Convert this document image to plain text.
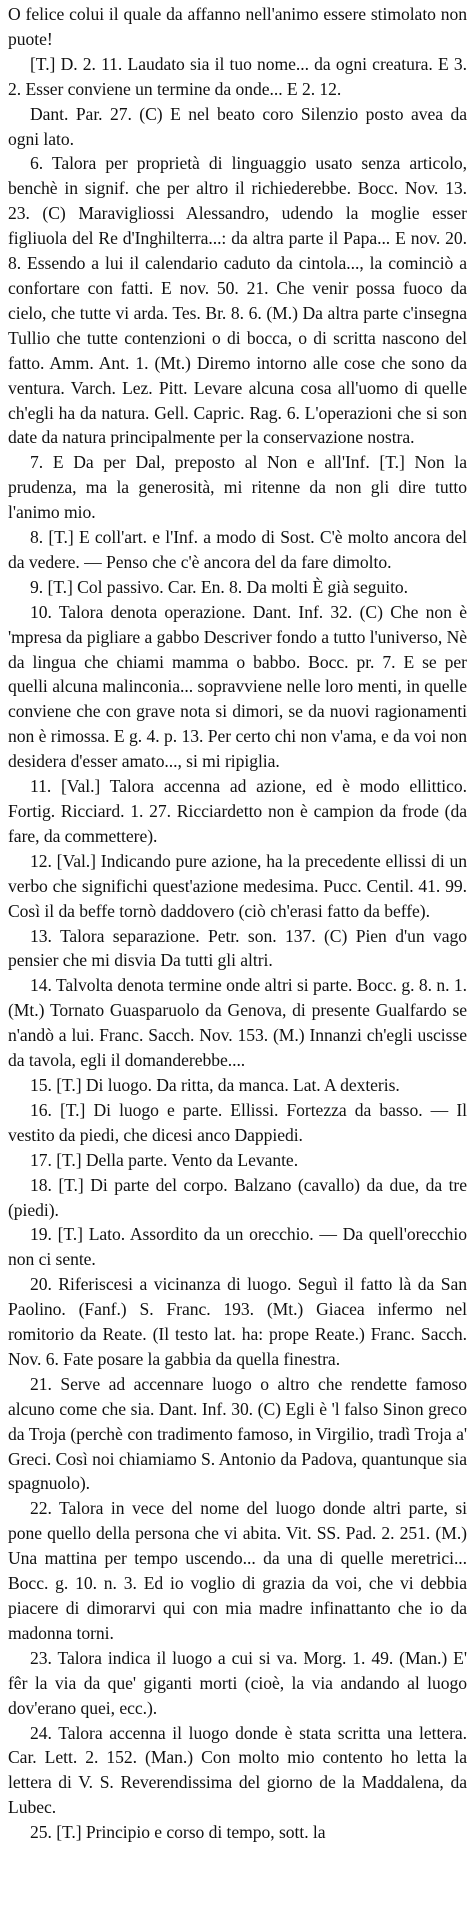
O felice colui il quale da affanno nell'animo essere stimolato non puote!

[T.] D. 2. 11. Laudato sia il tuo nome... da ogni creatura. E 3. 2. Esser conviene un termine da onde... E 2. 12.

Dant. Par. 27. (C) E nel beato coro Silenzio posto avea da ogni lato.

6. Talora per proprietà di linguaggio usato senza articolo, benchè in signif. che per altro il richiederebbe. Bocc. Nov. 13. 23. (C) Maravigliossi Alessandro, udendo la moglie esser figliuola del Re d'Inghilterra...: da altra parte il Papa... E nov. 20. 8. Essendo a lui il calendario caduto da cintola..., la cominciò a confortare con fatti. E nov. 50. 21. Che venir possa fuoco da cielo, che tutte vi arda. Tes. Br. 8. 6. (M.) Da altra parte c'insegna Tullio che tutte contenzioni o di bocca, o di scritta nascono del fatto. Amm. Ant. 1. (Mt.) Diremo intorno alle cose che sono da ventura. Varch. Lez. Pitt. Levare alcuna cosa all'uomo di quelle ch'egli ha da natura. Gell. Capric. Rag. 6. L'operazioni che si son date da natura principalmente per la conservazione nostra.

7. E Da per Dal, preposto al Non e all'Inf. [T.] Non la prudenza, ma la generosità, mi ritenne da non gli dire tutto l'animo mio.

8. [T.] E coll'art. e l'Inf. a modo di Sost. C'è molto ancora del da vedere. — Penso che c'è ancora del da fare dimolto.

9. [T.] Col passivo. Car. En. 8. Da molti È già seguito.

10. Talora denota operazione. Dant. Inf. 32. (C) Che non è 'mpresa da pigliare a gabbo Descriver fondo a tutto l'universo, Nè da lingua che chiami mamma o babbo. Bocc. pr. 7. E se per quelli alcuna malinconia... sopravviene nelle loro menti, in quelle conviene che con grave nota si dimori, se da nuovi ragionamenti non è rimossa. E g. 4. p. 13. Per certo chi non v'ama, e da voi non desidera d'esser amato..., si mi ripiglia.

11. [Val.] Talora accenna ad azione, ed è modo ellittico. Fortig. Ricciard. 1. 27. Ricciardetto non è campion da frode (da fare, da commettere).

12. [Val.] Indicando pure azione, ha la precedente ellissi di un verbo che significhi quest'azione medesima. Pucc. Centil. 41. 99. Così il da beffe tornò daddovero (ciò ch'erasi fatto da beffe).

13. Talora separazione. Petr. son. 137. (C) Pien d'un vago pensier che mi disvia Da tutti gli altri.

14. Talvolta denota termine onde altri si parte. Bocc. g. 8. n. 1. (Mt.) Tornato Guasparuolo da Genova, di presente Gualfardo se n'andò a lui. Franc. Sacch. Nov. 153. (M.) Innanzi ch'egli uscisse da tavola, egli il domanderebbe....

15. [T.] Di luogo. Da ritta, da manca. Lat. A dexteris.

16. [T.] Di luogo e parte. Ellissi. Fortezza da basso. — Il vestito da piedi, che dicesi anco Dappiedi.

17. [T.] Della parte. Vento da Levante.

18. [T.] Di parte del corpo. Balzano (cavallo) da due, da tre (piedi).

19. [T.] Lato. Assordito da un orecchio. — Da quell'orecchio non ci sente.

20. Riferiscesi a vicinanza di luogo. Seguì il fatto là da San Paolino. (Fanf.) S. Franc. 193. (Mt.) Giacea infermo nel romitorio da Reate. (Il testo lat. ha: prope Reate.) Franc. Sacch. Nov. 6. Fate posare la gabbia da quella finestra.

21. Serve ad accennare luogo o altro che rendette famoso alcuno come che sia. Dant. Inf. 30. (C) Egli è 'l falso Sinon greco da Troja (perchè con tradimento famoso, in Virgilio, tradì Troja a' Greci. Così noi chiamiamo S. Antonio da Padova, quantunque sia spagnuolo).

22. Talora in vece del nome del luogo donde altri parte, si pone quello della persona che vi abita. Vit. SS. Pad. 2. 251. (M.) Una mattina per tempo uscendo... da una di quelle meretrici... Bocc. g. 10. n. 3. Ed io voglio di grazia da voi, che vi debbia piacere di dimorarvi qui con mia madre infinattanto che io da madonna torni.

23. Talora indica il luogo a cui si va. Morg. 1. 49. (Man.) E' fêr la via da que' giganti morti (cioè, la via andando al luogo dov'erano quei, ecc.).

24. Talora accenna il luogo donde è stata scritta una lettera. Car. Lett. 2. 152. (Man.) Con molto mio contento ho letta la lettera di V. S. Reverendissima del giorno de la Maddalena, da Lubec.

25. [T.] Principio e corso di tempo, sott. la
